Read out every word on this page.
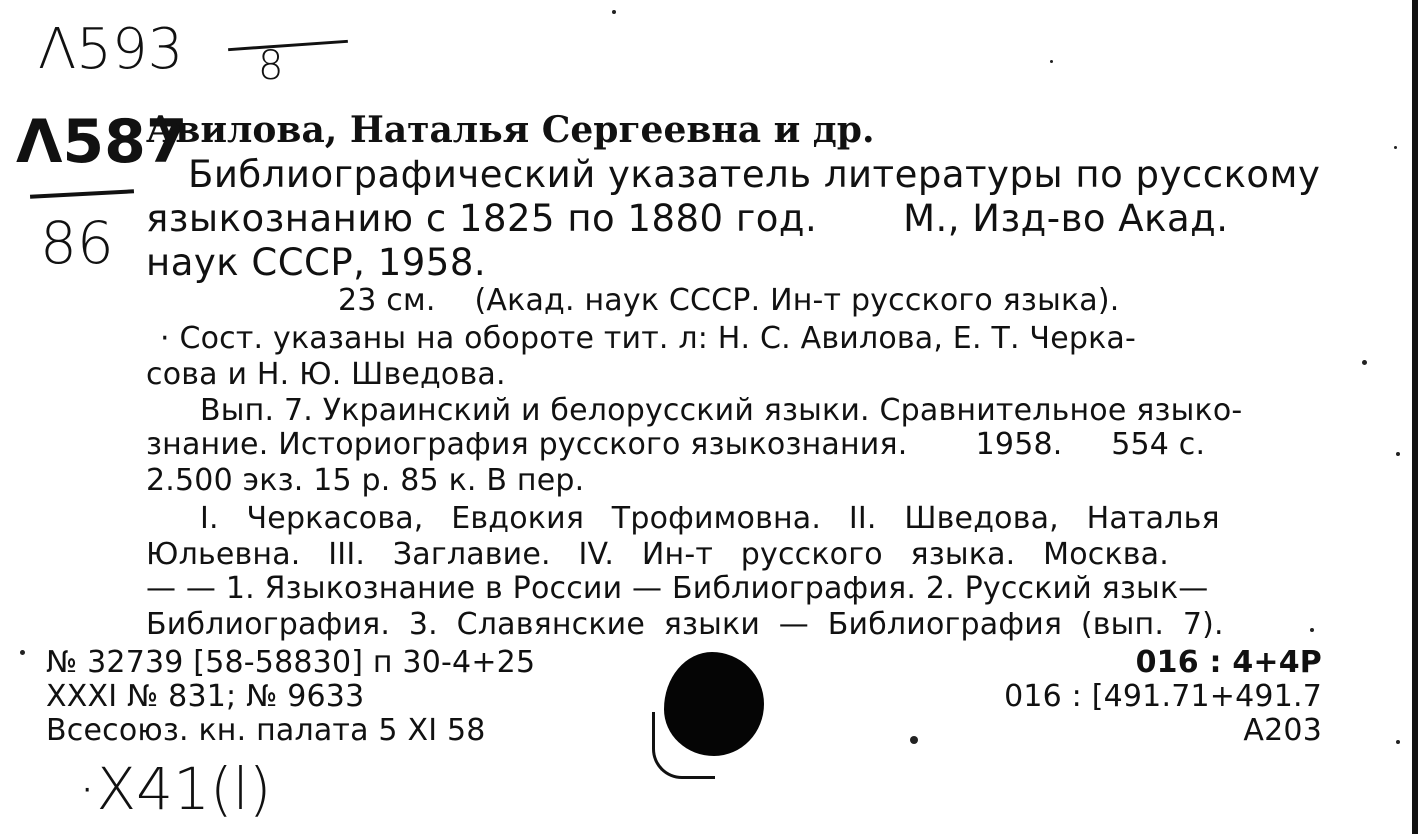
Λ593 8
Λ587
86
·X41(l)
Авилова, Наталья Сергеевна и др.
Библиографический указатель литературы по русскому
языкознанию с 1825 по 1880 год.       М., Изд-во Акад.
наук СССР, 1958.
23 см.    (Акад. наук СССР. Ин-т русского языка).
· Сост. указаны на обороте тит. л: Н. С. Авилова, Е. Т. Черка-
сова и Н. Ю. Шведова.
Вып. 7. Украинский и белорусский языки. Сравнительное языко-
знание. Историография русского языкознания.       1958.     554 с.
2.500 экз. 15 р. 85 к. В пер.
I. Черкасова, Евдокия Трофимовна. II. Шведова, Наталья
Юльевна. III. Заглавие. IV. Ин-т русского языка. Москва.
— — 1. Языкознание в России — Библиография. 2. Русский язык—
Библиография. 3. Славянские языки — Библиография (вып. 7).
№ 32739 [58-58830] п 30-4+25
XXXI № 831; № 9633
Всесоюз. кн. палата 5 XI 58
016 : 4+4Р
016 : [491.71+491.7
А203
